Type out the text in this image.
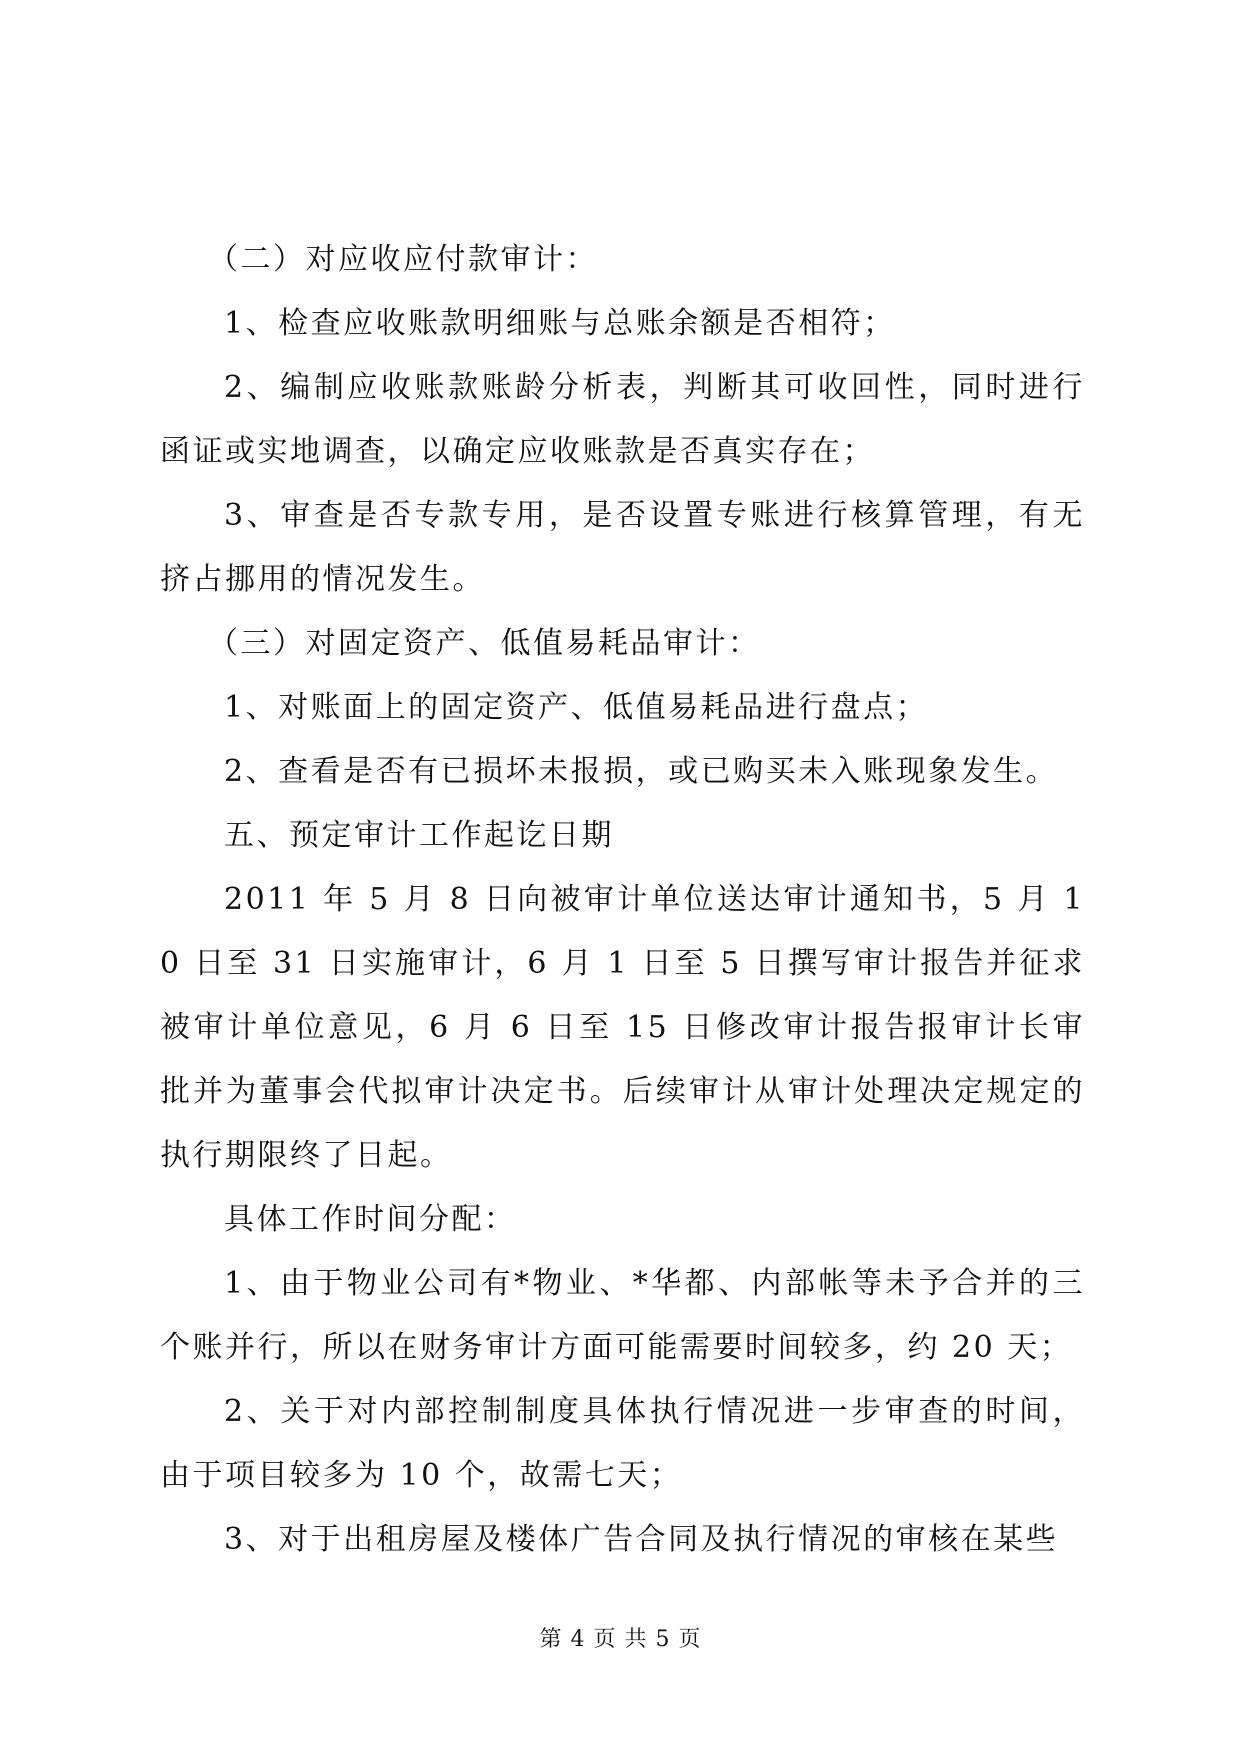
（二）对应收应付款审计：

1、检查应收账款明细账与总账余额是否相符；

2、编制应收账款账龄分析表，判断其可收回性，同时进行函证或实地调查，以确定应收账款是否真实存在；

3、审查是否专款专用，是否设置专账进行核算管理，有无挤占挪用的情况发生。

（三）对固定资产、低值易耗品审计：

1、对账面上的固定资产、低值易耗品进行盘点；

2、查看是否有已损坏未报损，或已购买未入账现象发生。

五、预定审计工作起讫日期

2011 年 5 月 8 日向被审计单位送达审计通知书，5 月 10 日至 31 日实施审计，6 月 1 日至 5 日撰写审计报告并征求被审计单位意见，6 月 6 日至 15 日修改审计报告报审计长审批并为董事会代拟审计决定书。后续审计从审计处理决定规定的执行期限终了日起。

具体工作时间分配：

1、由于物业公司有*物业、*华都、内部帐等未予合并的三个账并行，所以在财务审计方面可能需要时间较多，约 20 天；

2、关于对内部控制制度具体执行情况进一步审查的时间，由于项目较多为 10 个，故需七天；

3、对于出租房屋及楼体广告合同及执行情况的审核在某些

第 4 页 共 5 页
